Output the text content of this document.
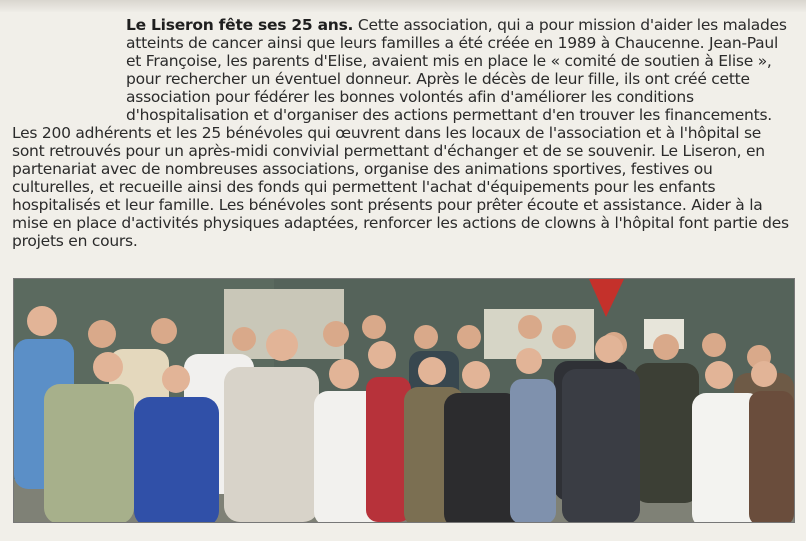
Le Liseron fête ses 25 ans. Cette association, qui a pour mission d'aider les malades atteints de cancer ainsi que leurs familles a été créée en 1989 à Chaucenne. Jean-Paul et Françoise, les parents d'Elise, avaient mis en place le « comité de soutien à Elise », pour rechercher un éventuel donneur. Après le décès de leur fille, ils ont créé cette association pour fédérer les bonnes volontés afin d'améliorer les conditions d'hospitalisation et d'organiser des actions permettant d'en trouver les financements.

Les 200 adhérents et les 25 bénévoles qui œuvrent dans les locaux de l'association et à l'hôpital se sont retrouvés pour un après-midi convivial permettant d'échanger et de se souvenir. Le Liseron, en partenariat avec de nombreuses associations, organise des animations sportives, festives ou culturelles, et recueille ainsi des fonds qui permettent l'achat d'équipements pour les enfants hospitalisés et leur famille. Les bénévoles sont présents pour prêter écoute et assistance. Aider à la mise en place d'activités physiques adaptées, renforcer les actions de clowns à l'hôpital font partie des projets en cours.
